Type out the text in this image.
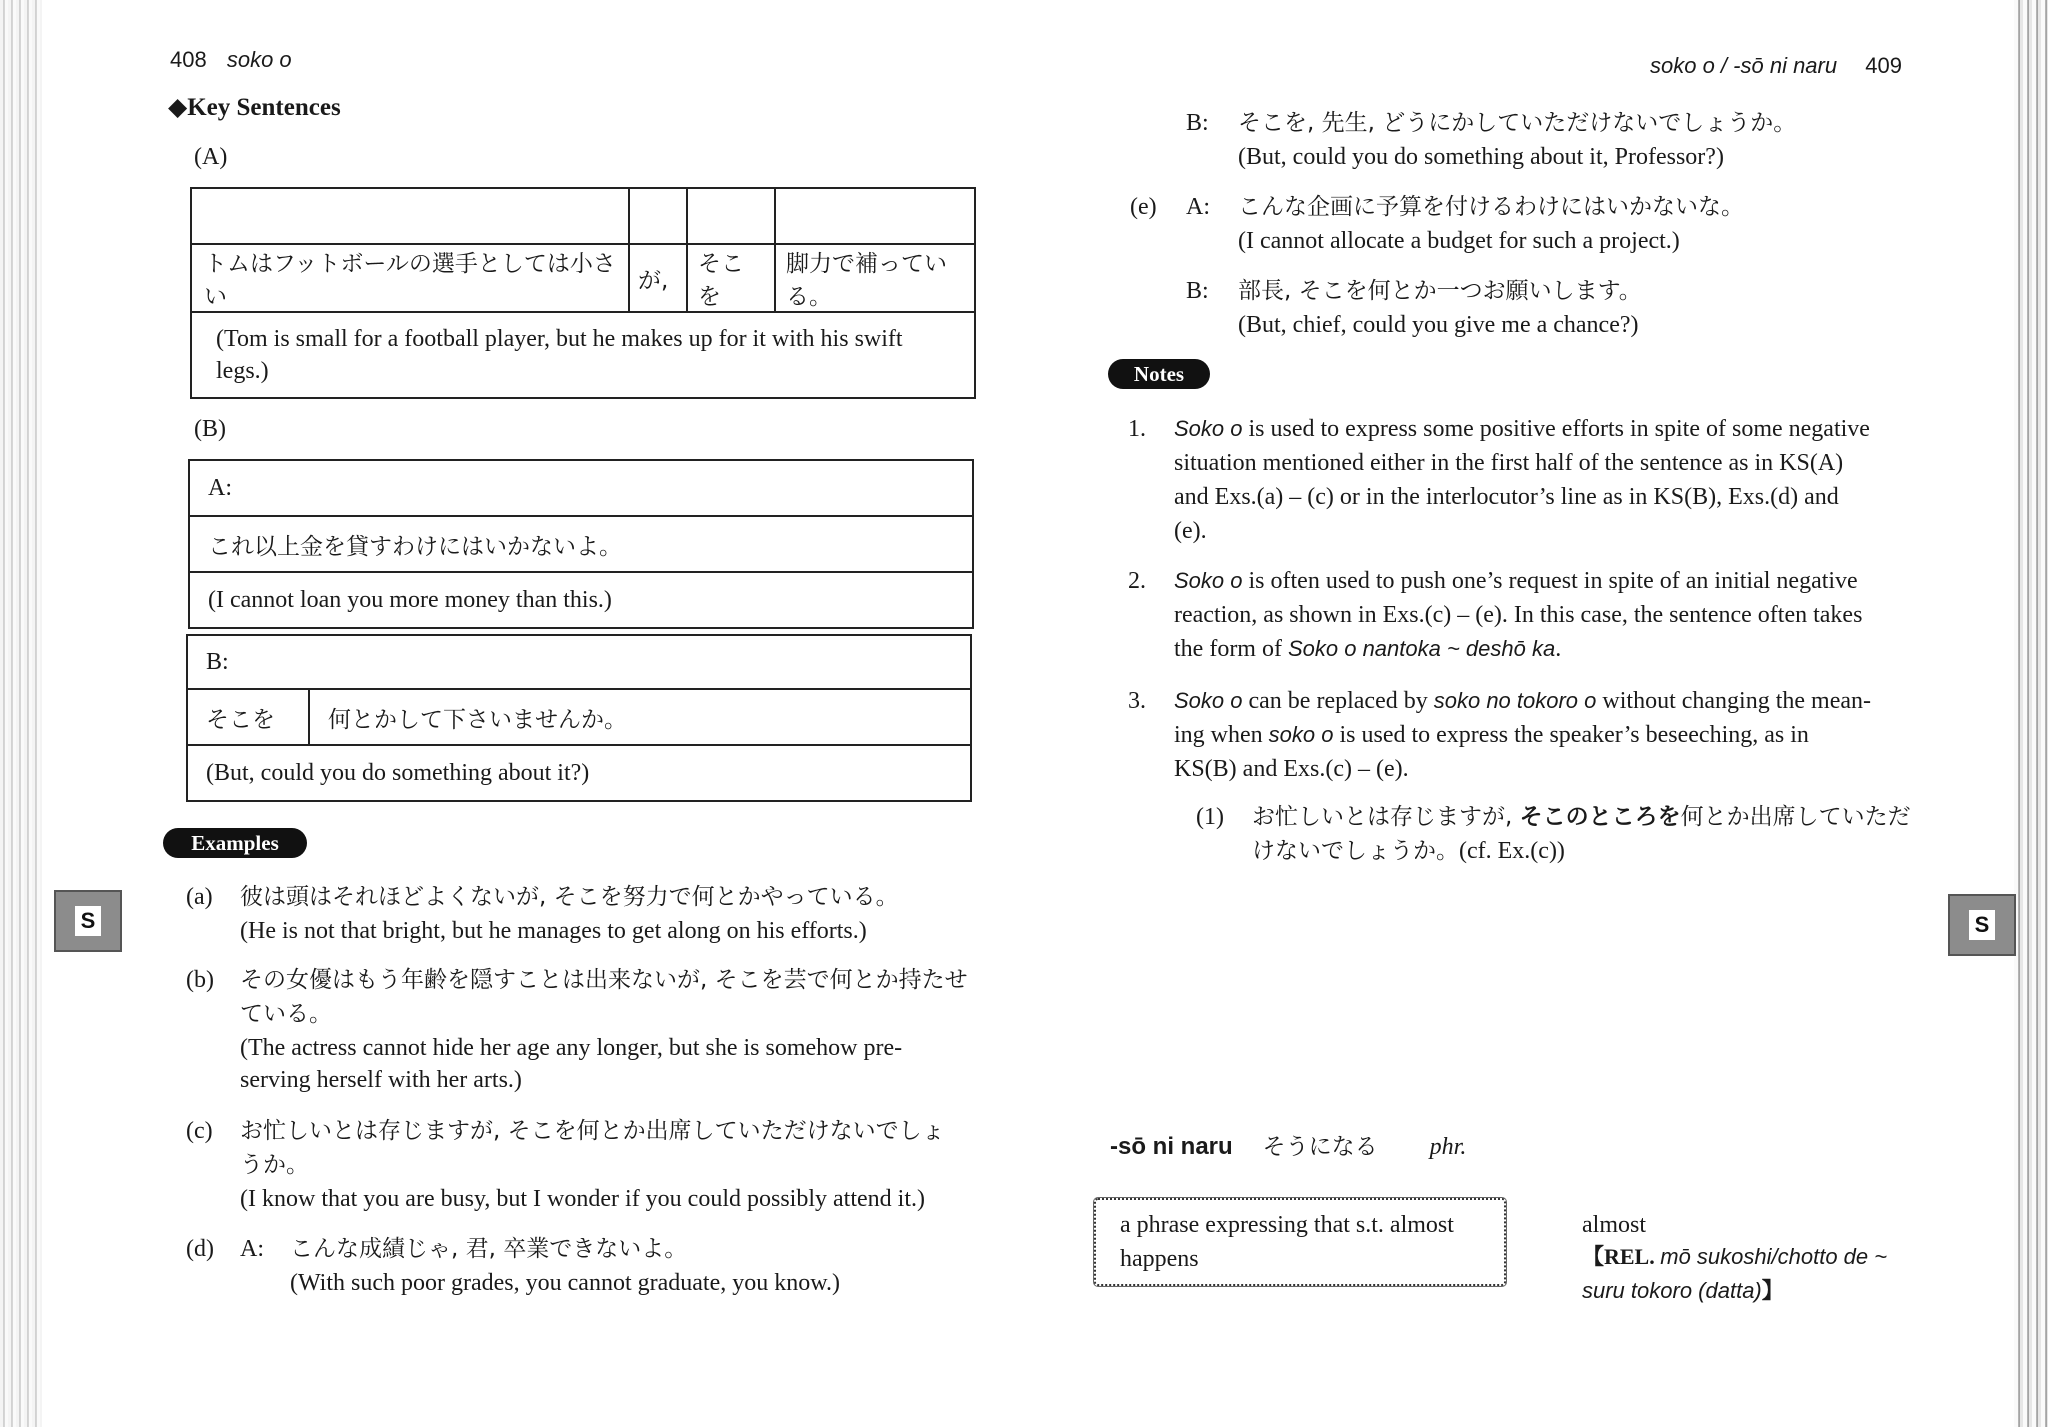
408 soko o
◆Key Sentences
(A)

トムはフットボールの選手としては小さい	が,	そこを	脚力で補っている。
(Tom is small for a football player, but he makes up for it with his swift legs.)			
(B)
A:
これ以上金を貸すわけにはいかないよ。
(I cannot loan you more money than this.)
B:
そこを	何とかして下さいませんか。
(But, could you do something about it?)
Examples
(a) 彼は頭はそれほどよくないが, そこを努力で何とかやっている。
(He is not that bright, but he manages to get along on his efforts.)
(b) その女優はもう年齢を隠すことは出来ないが, そこを芸で何とか持たせ
ている。
(The actress cannot hide her age any longer, but she is somehow pre-
serving herself with her arts.)
(c) お忙しいとは存じますが, そこを何とか出席していただけないでしょ
うか。
(I know that you are busy, but I wonder if you could possibly attend it.)
(d) A: こんな成績じゃ, 君, 卒業できないよ。
(With such poor grades, you cannot graduate, you know.)
S
soko o / -sō ni naru 409
B: そこを, 先生, どうにかしていただけないでしょうか。
(But, could you do something about it, Professor?)
(e) A: こんな企画に予算を付けるわけにはいかないな。
(I cannot allocate a budget for such a project.)
B: 部長, そこを何とか一つお願いします。
(But, chief, could you give me a chance?)
Notes
1. Soko o is used to express some positive efforts in spite of some negative
situation mentioned either in the first half of the sentence as in KS(A)
and Exs.(a) – (c) or in the interlocutor’s line as in KS(B), Exs.(d) and
(e).
2. Soko o is often used to push one’s request in spite of an initial negative
reaction, as shown in Exs.(c) – (e). In this case, the sentence often takes
the form of Soko o nantoka ~ deshō ka.
3. Soko o can be replaced by soko no tokoro o without changing the mean-
ing when soko o is used to express the speaker’s beseeching, as in
KS(B) and Exs.(c) – (e).
(1) お忙しいとは存じますが, そこのところを何とか出席していただ
けないでしょうか。(cf. Ex.(c))
-sō ni naru そうになる phr.
a phrase expressing that s.t. almost happens
almost
【REL. mō sukoshi/chotto de ~ suru tokoro (datta)】
S
